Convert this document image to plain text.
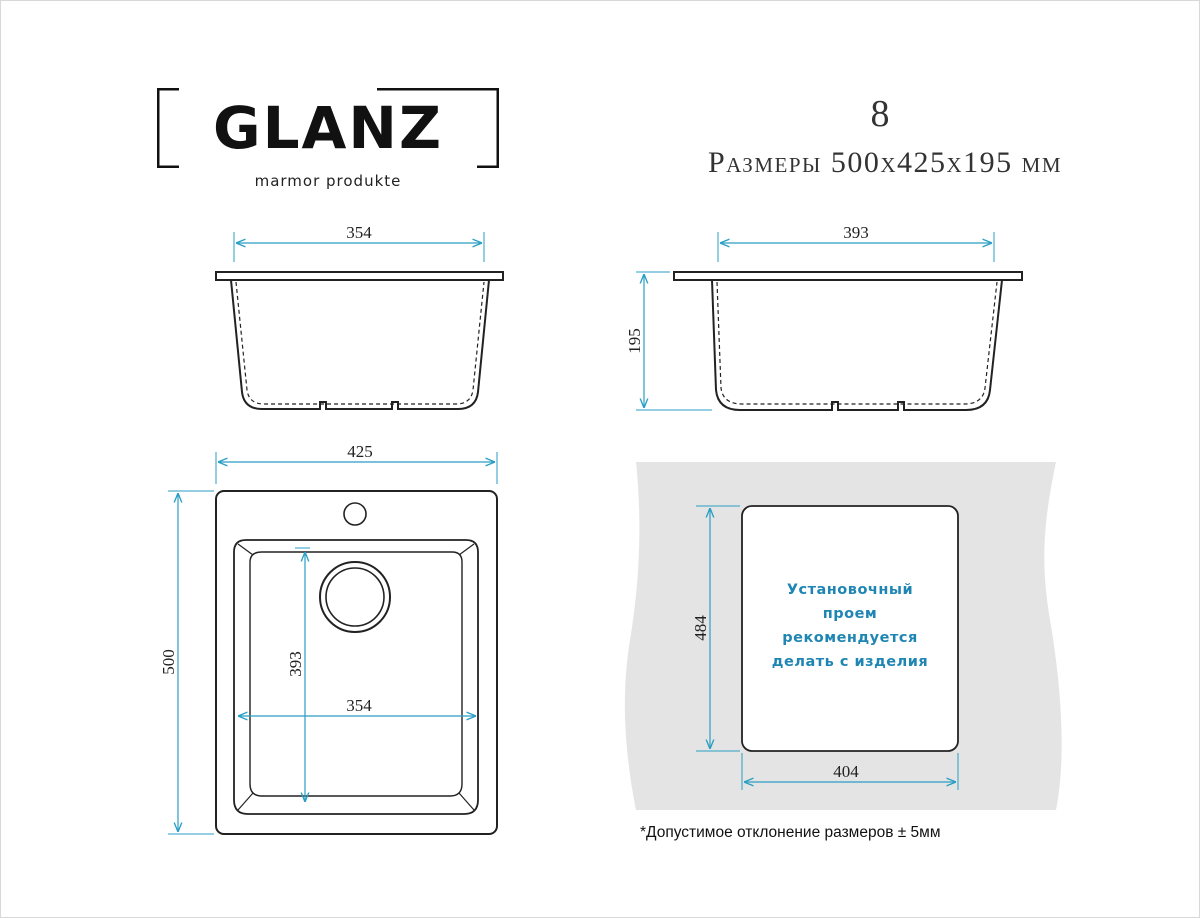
GLANZ
marmor produkte
8
Размеры 500х425х195 мм
354	393
195
425
500	393
354
484
404
Установочный
проем
рекомендуется
делать с изделия
*Допустимое отклонение размеров ± 5мм
